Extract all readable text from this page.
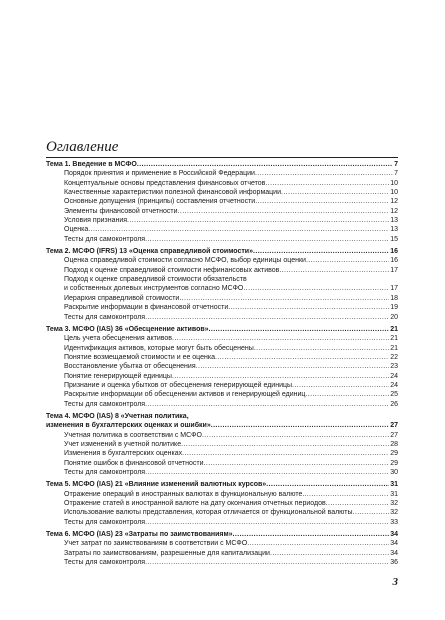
Оглавление
Тема 1. Введение в МСФО .....	7
Порядок принятия и применение в Российской Федерации .....	7
Концептуальные основы представления финансовых отчетов .....	10
Качественные характеристики полезной финансовой информации .....	10
Основные допущения (принципы) составления отчетности .....	12
Элементы финансовой отчетности .....	12
Условия признания .....	13
Оценка .....	13
Тесты для самоконтроля .....	15
Тема 2. МСФО (IFRS) 13 «Оценка справедливой стоимости» .....	16
Оценка справедливой стоимости согласно МСФО, выбор единицы оценки .....	16
Подход к оценке справедливой стоимости нефинансовых активов .....	17
Подход к оценке справедливой стоимости обязательств
и собственных долевых инструментов согласно МСФО .....	17
Иерархия справедливой стоимости .....	18
Раскрытие информации в финансовой отчетности .....	19
Тесты для самоконтроля .....	20
Тема 3. МСФО (IAS) 36 «Обесценение активов» .....	21
Цель учета обесценения активов .....	21
Идентификация активов, которые могут быть обесценены .....	21
Понятие возмещаемой стоимости и ее оценка .....	22
Восстановление убытка от обесценения .....	23
Понятие генерирующей единицы .....	24
Признание и оценка убытков от обесценения генерирующей единицы .....	24
Раскрытие информации об обесценении активов и генерирующей единиц .....	25
Тесты для самоконтроля .....	26
Тема 4. МСФО (IAS) 8 «Учетная политика,
изменения в бухгалтерских оценках и ошибки» .....	27
Учетная политика в соответствии с МСФО .....	27
Учет изменений в учетной политике .....	28
Изменения в бухгалтерских оценках .....	29
Понятие ошибок в финансовой отчетности .....	29
Тесты для самоконтроля .....	30
Тема 5. МСФО (IAS) 21 «Влияние изменений валютных курсов» .....	31
Отражение операций в иностранных валютах в функциональную валюте. .....	31
Отражение статей в иностранной валюте на дату окончания отчетных периодов .....	32
Использование валюты представления, которая отличается от функциональной валюты .....	32
Тесты для самоконтроля .....	33
Тема 6. МСФО (IAS) 23 «Затраты по заимствованиям» .....	34
Учет затрат по заимствованиям в соответствии с МСФО .....	34
Затраты по заимствованиям, разрешенные для капитализации .....	34
Тесты для самоконтроля .....	36
3
